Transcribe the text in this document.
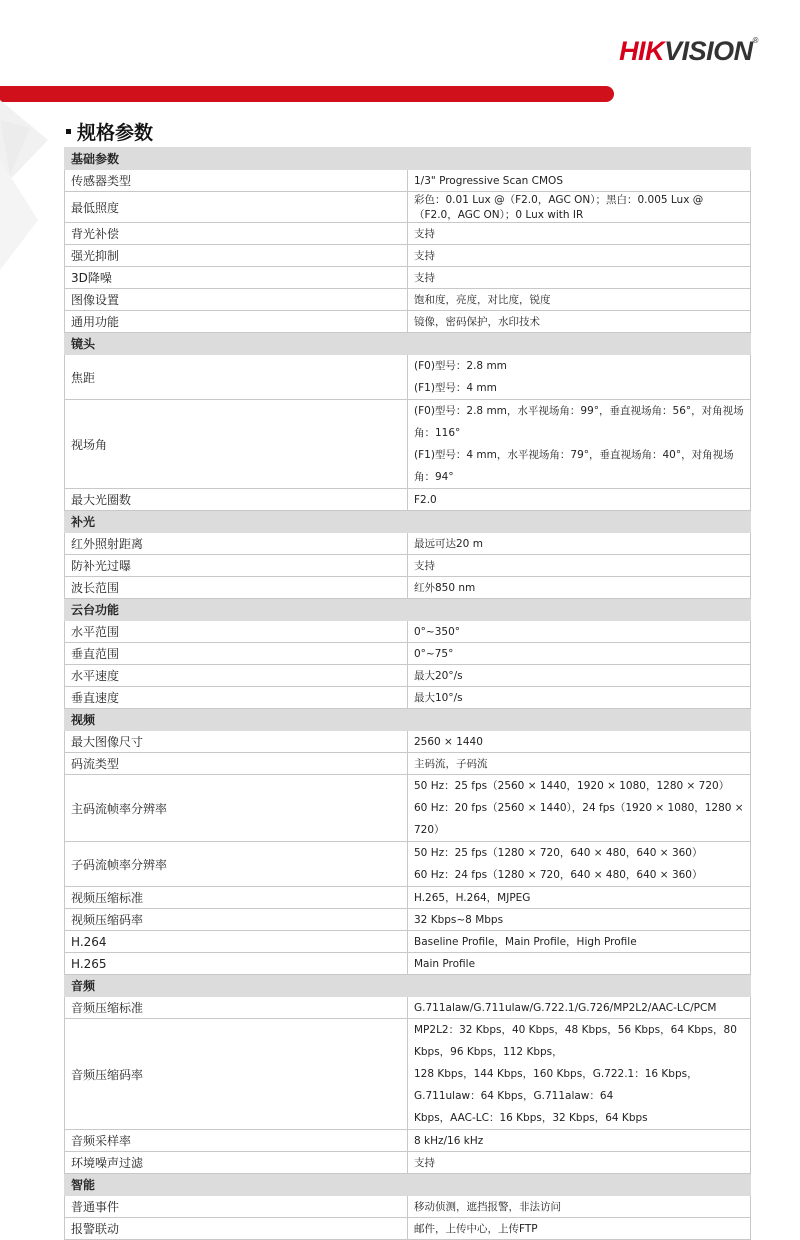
HIKVISION®
规格参数
基础参数	
传感器类型	1/3" Progressive Scan CMOS

最低照度	彩色：0.01 Lux @（F2.0，AGC ON）；黑白：0.005 Lux @（F2.0，AGC ON）；0 Lux with IR

背光补偿	支持

强光抑制	支持

3D降噪	支持

图像设置	饱和度，亮度，对比度，锐度

通用功能	镜像，密码保护，水印技术

镜头	
焦距	(F0)型号：2.8 mm
(F1)型号：4 mm

视场角	(F0)型号：2.8 mm，水平视场角：99°，垂直视场角：56°，对角视场角：116°
(F1)型号：4 mm，水平视场角：79°，垂直视场角：40°，对角视场角：94°

最大光圈数	F2.0

补光	
红外照射距离	最远可达20 m

防补光过曝	支持

波长范围	红外850 nm

云台功能	
水平范围	0°~350°

垂直范围	0°~75°

水平速度	最大20°/s

垂直速度	最大10°/s

视频	
最大图像尺寸	2560 × 1440

码流类型	主码流，子码流

主码流帧率分辨率	50 Hz：25 fps（2560 × 1440，1920 × 1080，1280 × 720）
60 Hz：20 fps（2560 × 1440），24 fps（1920 × 1080，1280 × 720）

子码流帧率分辨率	50 Hz：25 fps（1280 × 720，640 × 480，640 × 360）
60 Hz：24 fps（1280 × 720，640 × 480，640 × 360）

视频压缩标准	H.265，H.264，MJPEG

视频压缩码率	32 Kbps~8 Mbps

H.264	Baseline Profile，Main Profile，High Profile

H.265	Main Profile

音频	
音频压缩标准	G.711alaw/G.711ulaw/G.722.1/G.726/MP2L2/AAC-LC/PCM

音频压缩码率	MP2L2：32 Kbps，40 Kbps，48 Kbps，56 Kbps，64 Kbps，80 Kbps，96 Kbps，112 Kbps，
128 Kbps，144 Kbps，160 Kbps，G.722.1：16 Kbps，G.711ulaw：64 Kbps，G.711alaw：64
Kbps，AAC-LC：16 Kbps，32 Kbps，64 Kbps

音频采样率	8 kHz/16 kHz

环境噪声过滤	支持

智能	
普通事件	移动侦测，遮挡报警，非法访问

报警联动	邮件，上传中心，上传FTP
